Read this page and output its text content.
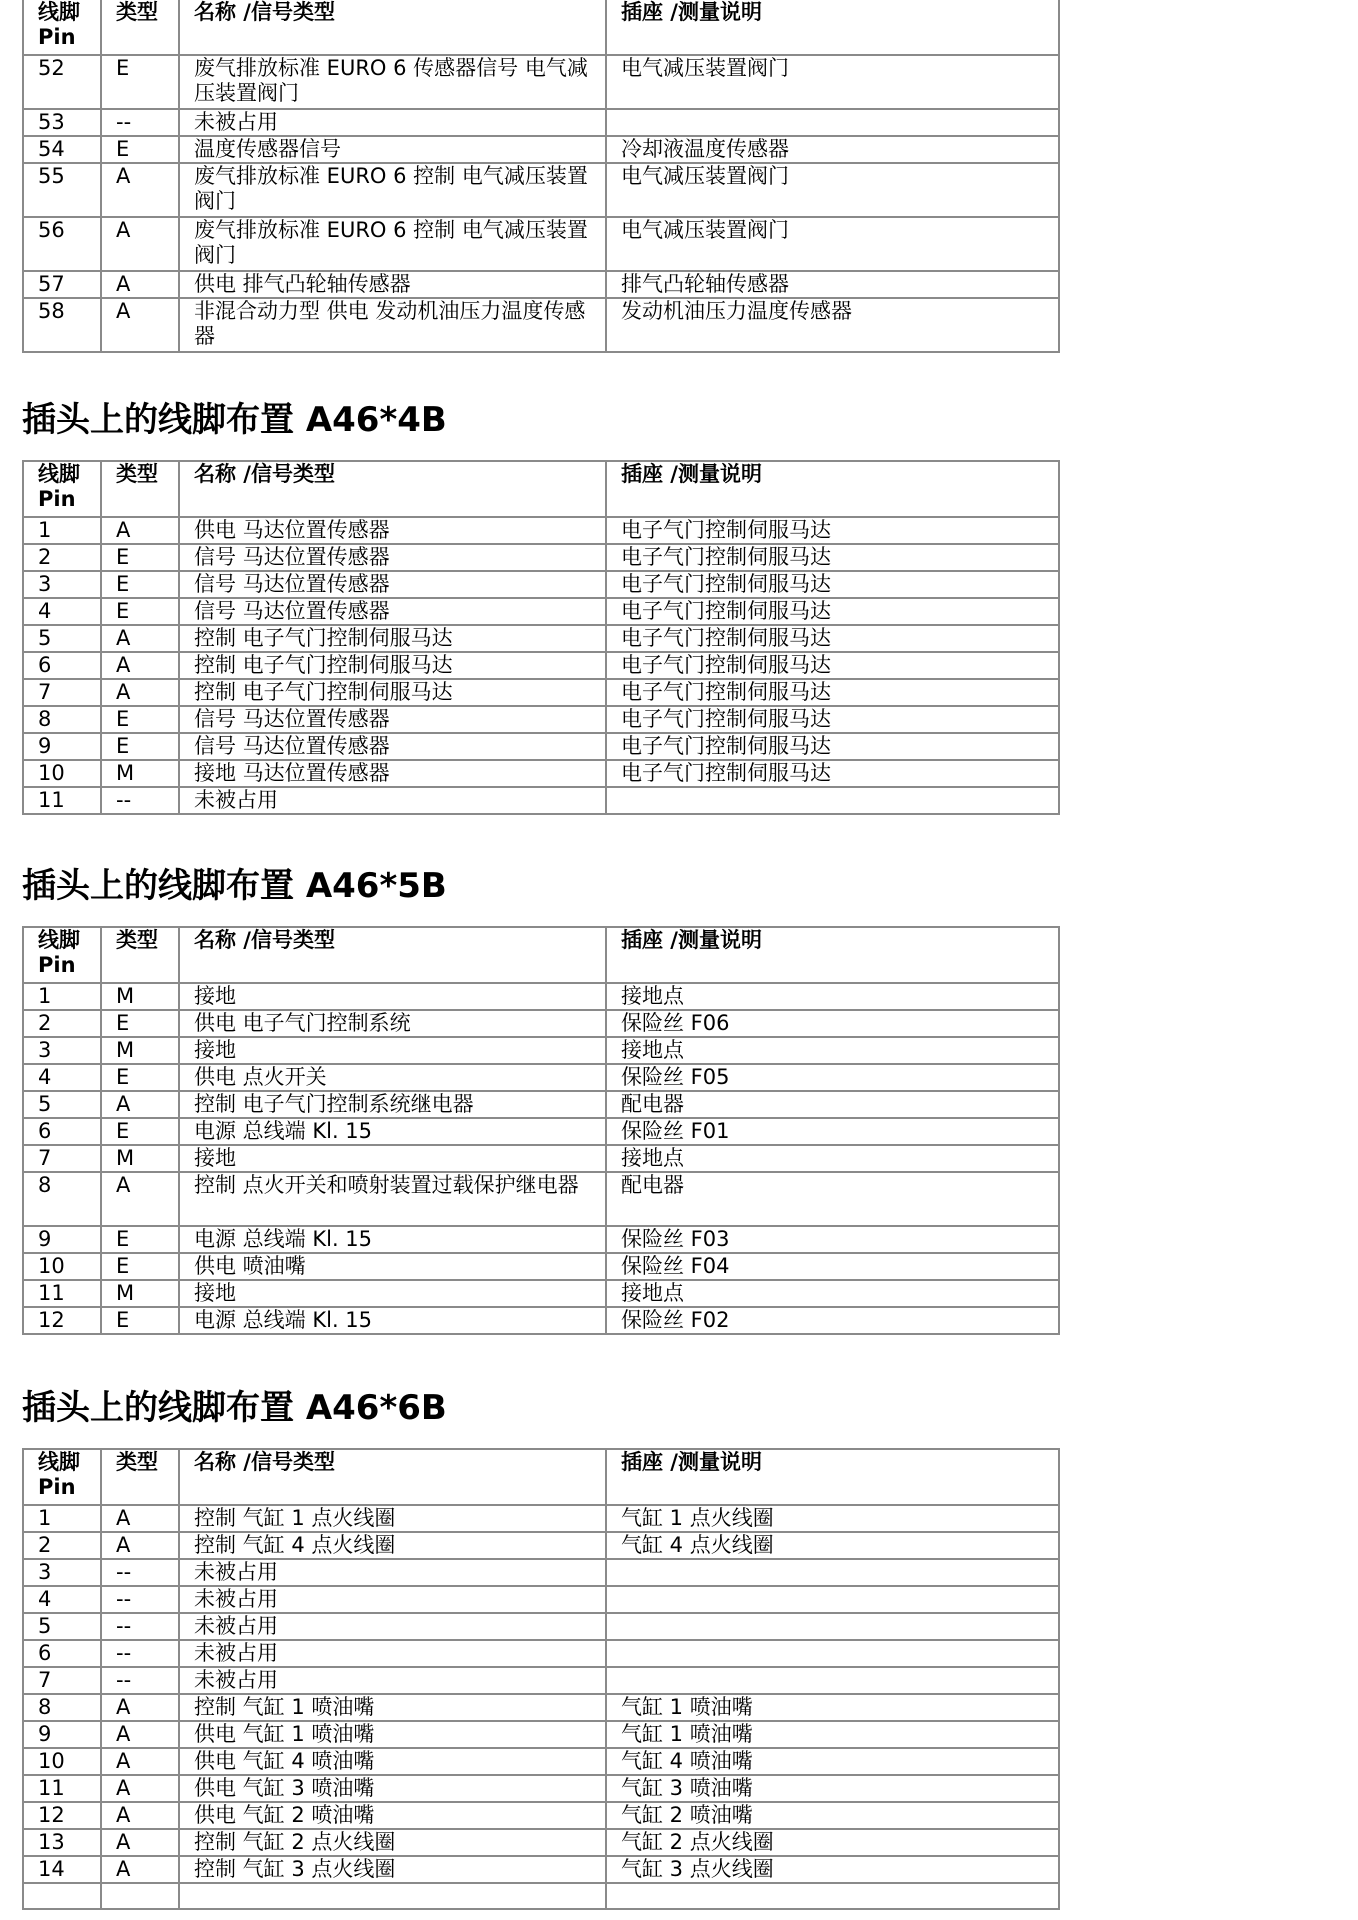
线脚
Pin	类型	名称 /信号类型	插座 /测量说明
52	E	废气排放标准 EURO 6 传感器信号 电气减压装置阀门	电气减压装置阀门
53	--	未被占用	
54	E	温度传感器信号	冷却液温度传感器
55	A	废气排放标准 EURO 6 控制 电气减压装置阀门	电气减压装置阀门
56	A	废气排放标准 EURO 6 控制 电气减压装置阀门	电气减压装置阀门
57	A	供电 排气凸轮轴传感器	排气凸轮轴传感器
58	A	非混合动力型 供电 发动机油压力温度传感器	发动机油压力温度传感器
插头上的线脚布置 A46*4B
线脚
Pin	类型	名称 /信号类型	插座 /测量说明
1	A	供电 马达位置传感器	电子气门控制伺服马达
2	E	信号 马达位置传感器	电子气门控制伺服马达
3	E	信号 马达位置传感器	电子气门控制伺服马达
4	E	信号 马达位置传感器	电子气门控制伺服马达
5	A	控制 电子气门控制伺服马达	电子气门控制伺服马达
6	A	控制 电子气门控制伺服马达	电子气门控制伺服马达
7	A	控制 电子气门控制伺服马达	电子气门控制伺服马达
8	E	信号 马达位置传感器	电子气门控制伺服马达
9	E	信号 马达位置传感器	电子气门控制伺服马达
10	M	接地 马达位置传感器	电子气门控制伺服马达
11	--	未被占用	
插头上的线脚布置 A46*5B
线脚
Pin	类型	名称 /信号类型	插座 /测量说明
1	M	接地	接地点
2	E	供电 电子气门控制系统	保险丝 F06
3	M	接地	接地点
4	E	供电 点火开关	保险丝 F05
5	A	控制 电子气门控制系统继电器	配电器
6	E	电源 总线端 Kl. 15	保险丝 F01
7	M	接地	接地点
8	A	控制 点火开关和喷射装置过载保护继电器	配电器
9	E	电源 总线端 Kl. 15	保险丝 F03
10	E	供电 喷油嘴	保险丝 F04
11	M	接地	接地点
12	E	电源 总线端 Kl. 15	保险丝 F02
插头上的线脚布置 A46*6B
线脚
Pin	类型	名称 /信号类型	插座 /测量说明
1	A	控制 气缸 1 点火线圈	气缸 1 点火线圈
2	A	控制 气缸 4 点火线圈	气缸 4 点火线圈
3	--	未被占用	
4	--	未被占用	
5	--	未被占用	
6	--	未被占用	
7	--	未被占用	
8	A	控制 气缸 1 喷油嘴	气缸 1 喷油嘴
9	A	供电 气缸 1 喷油嘴	气缸 1 喷油嘴
10	A	供电 气缸 4 喷油嘴	气缸 4 喷油嘴
11	A	供电 气缸 3 喷油嘴	气缸 3 喷油嘴
12	A	供电 气缸 2 喷油嘴	气缸 2 喷油嘴
13	A	控制 气缸 2 点火线圈	气缸 2 点火线圈
14	A	控制 气缸 3 点火线圈	气缸 3 点火线圈
